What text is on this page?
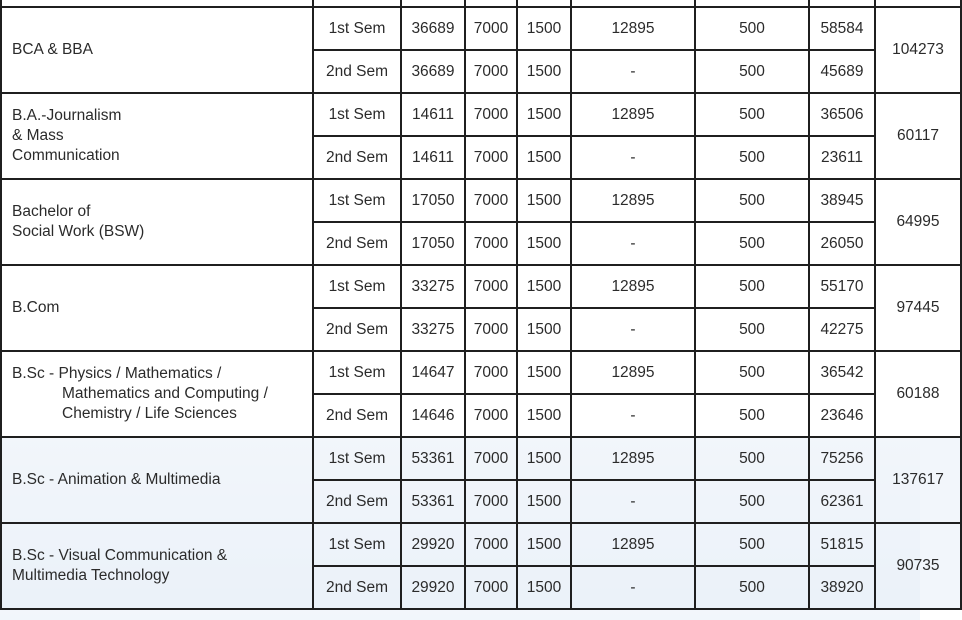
BCA & BBA	1st Sem	36689	7000	1500	12895	500	58584	104273
	2nd Sem	36689	7000	1500	-	500	45689	

B.A.-Journalism
& Mass
Communication	1st Sem	14611	7000	1500	12895	500	36506	60117
	2nd Sem	14611	7000	1500	-	500	23611	

Bachelor of
Social Work (BSW)	1st Sem	17050	7000	1500	12895	500	38945	64995
	2nd Sem	17050	7000	1500	-	500	26050	

B.Com	1st Sem	33275	7000	1500	12895	500	55170	97445
	2nd Sem	33275	7000	1500	-	500	42275	

B.Sc - Physics / Mathematics /
Mathematics and Computing /
Chemistry / Life Sciences	1st Sem	14647	7000	1500	12895	500	36542	60188
	2nd Sem	14646	7000	1500	-	500	23646	

B.Sc - Animation & Multimedia	1st Sem	53361	7000	1500	12895	500	75256	137617
	2nd Sem	53361	7000	1500	-	500	62361	

B.Sc - Visual Communication &
Multimedia Technology	1st Sem	29920	7000	1500	12895	500	51815	90735
	2nd Sem	29920	7000	1500	-	500	38920	
